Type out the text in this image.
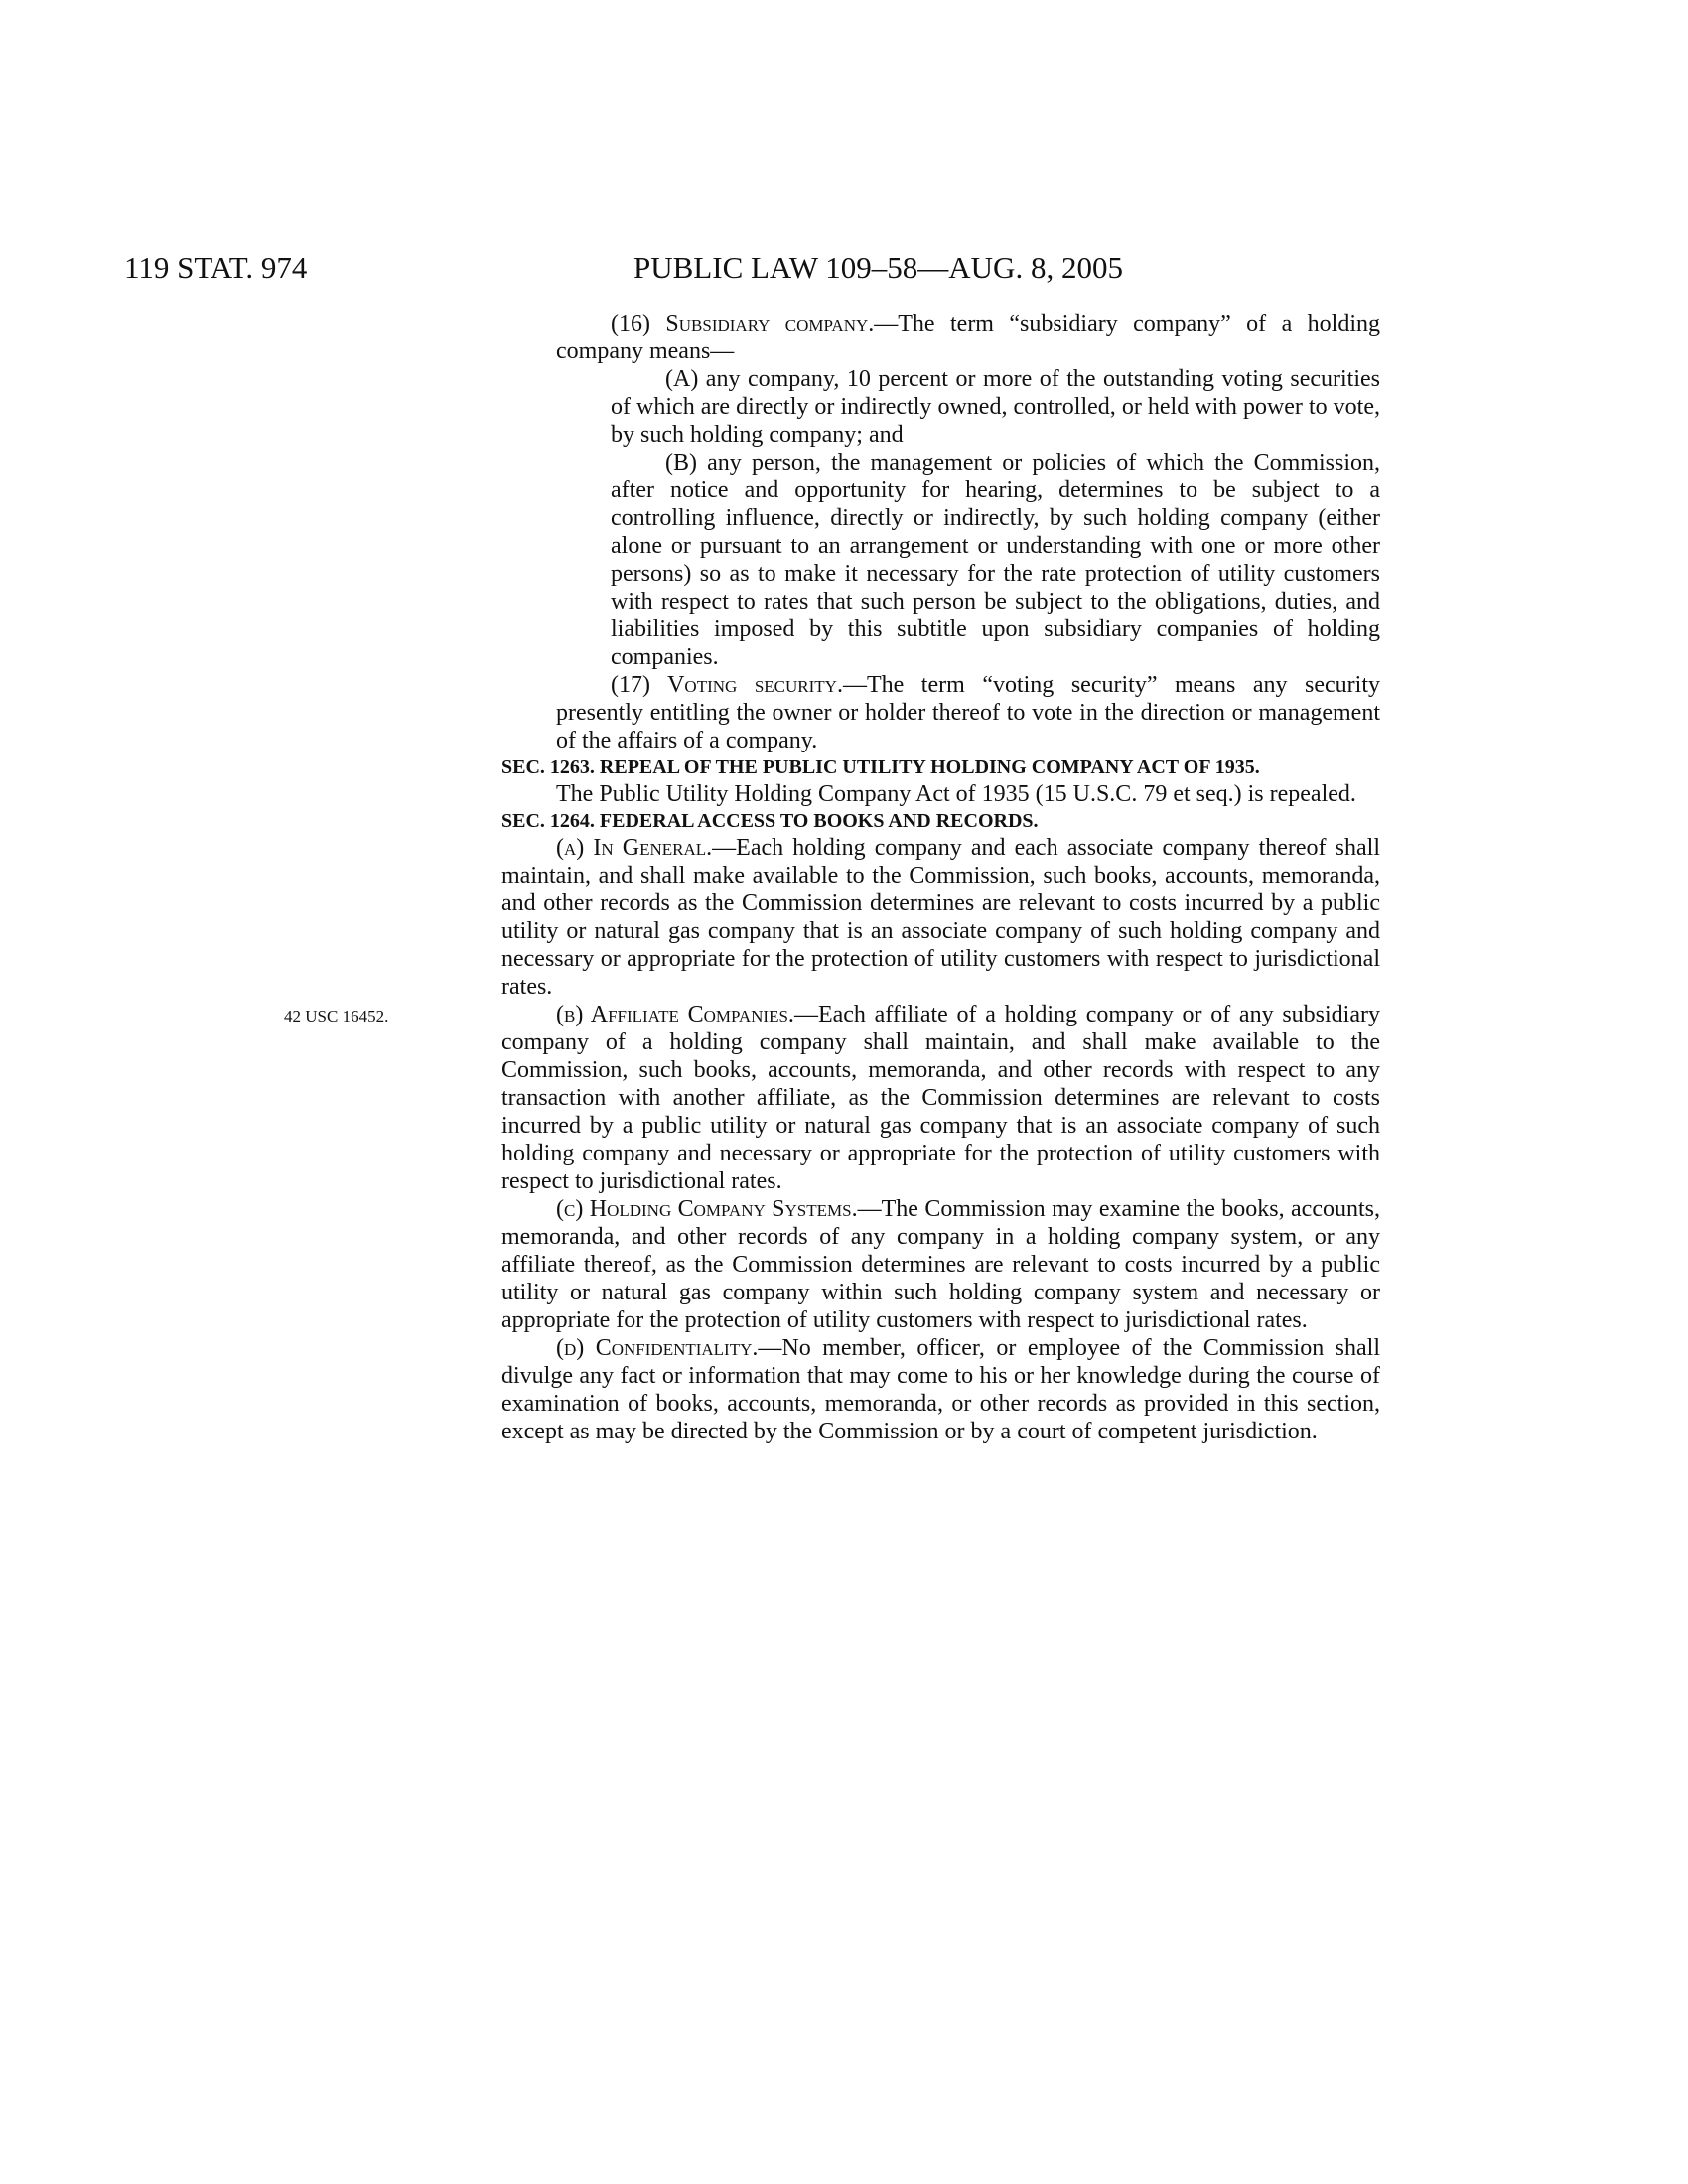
119 STAT. 974	PUBLIC LAW 109–58—AUG. 8, 2005
42 USC 16452.

(16) Subsidiary company.—The term “subsidiary company” of a holding company means—

(A) any company, 10 percent or more of the outstanding voting securities of which are directly or indirectly owned, controlled, or held with power to vote, by such holding company; and

(B) any person, the management or policies of which the Commission, after notice and opportunity for hearing, determines to be subject to a controlling influence, directly or indirectly, by such holding company (either alone or pursuant to an arrangement or understanding with one or more other persons) so as to make it necessary for the rate protection of utility customers with respect to rates that such person be subject to the obligations, duties, and liabilities imposed by this subtitle upon subsidiary companies of holding companies.

(17) Voting security.—The term “voting security” means any security presently entitling the owner or holder thereof to vote in the direction or management of the affairs of a company.

SEC. 1263. REPEAL OF THE PUBLIC UTILITY HOLDING COMPANY ACT OF 1935.

The Public Utility Holding Company Act of 1935 (15 U.S.C. 79 et seq.) is repealed.

SEC. 1264. FEDERAL ACCESS TO BOOKS AND RECORDS.

(a) In General.—Each holding company and each associate company thereof shall maintain, and shall make available to the Commission, such books, accounts, memoranda, and other records as the Commission determines are relevant to costs incurred by a public utility or natural gas company that is an associate company of such holding company and necessary or appropriate for the protection of utility customers with respect to jurisdictional rates.

(b) Affiliate Companies.—Each affiliate of a holding company or of any subsidiary company of a holding company shall maintain, and shall make available to the Commission, such books, accounts, memoranda, and other records with respect to any transaction with another affiliate, as the Commission determines are relevant to costs incurred by a public utility or natural gas company that is an associate company of such holding company and necessary or appropriate for the protection of utility customers with respect to jurisdictional rates.

(c) Holding Company Systems.—The Commission may examine the books, accounts, memoranda, and other records of any company in a holding company system, or any affiliate thereof, as the Commission determines are relevant to costs incurred by a public utility or natural gas company within such holding company system and necessary or appropriate for the protection of utility customers with respect to jurisdictional rates.

(d) Confidentiality.—No member, officer, or employee of the Commission shall divulge any fact or information that may come to his or her knowledge during the course of examination of books, accounts, memoranda, or other records as provided in this section, except as may be directed by the Commission or by a court of competent jurisdiction.
